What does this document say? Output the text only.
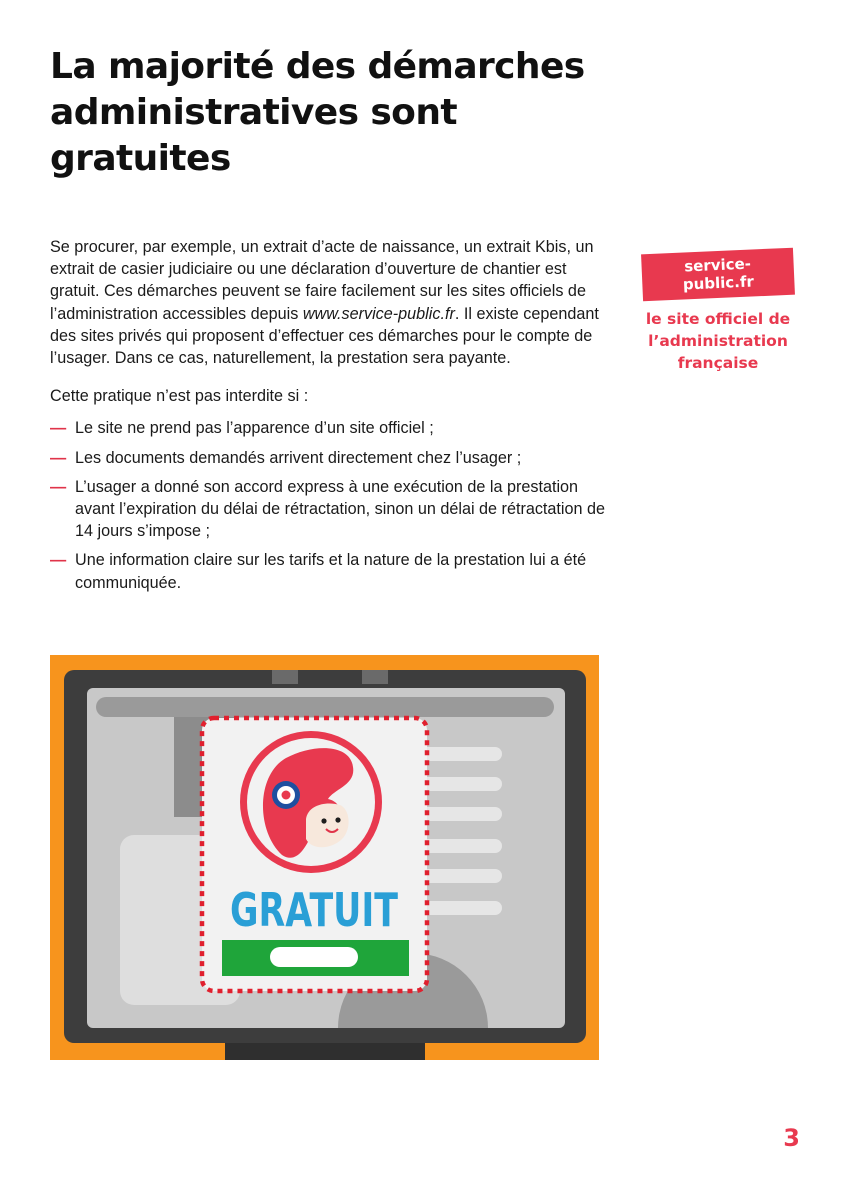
La majorité des démarches administratives sont gratuites

Se procurer, par exemple, un extrait d’acte de naissance, un extrait Kbis, un extrait de casier judiciaire ou une déclaration d’ouverture de chantier est gratuit. Ces démarches peuvent se faire facilement sur les sites officiels de l’administration accessibles depuis www.service-public.fr. Il existe cependant des sites privés qui proposent d’effectuer ces démarches pour le compte de l’usager. Dans ce cas, naturellement, la prestation sera payante.

Cette pratique n’est pas interdite si :

— Le site ne prend pas l’apparence d’un site officiel ;
— Les documents demandés arrivent directement chez l’usager ;
— L’usager a donné son accord express à une exécution de la prestation avant l’expiration du délai de rétractation, sinon un délai de rétractation de 14 jours s’impose ;
— Une information claire sur les tarifs et la nature de la prestation lui a été communiquée.
service-public.fr
le site officiel de l’administration française
GRATUIT
3
